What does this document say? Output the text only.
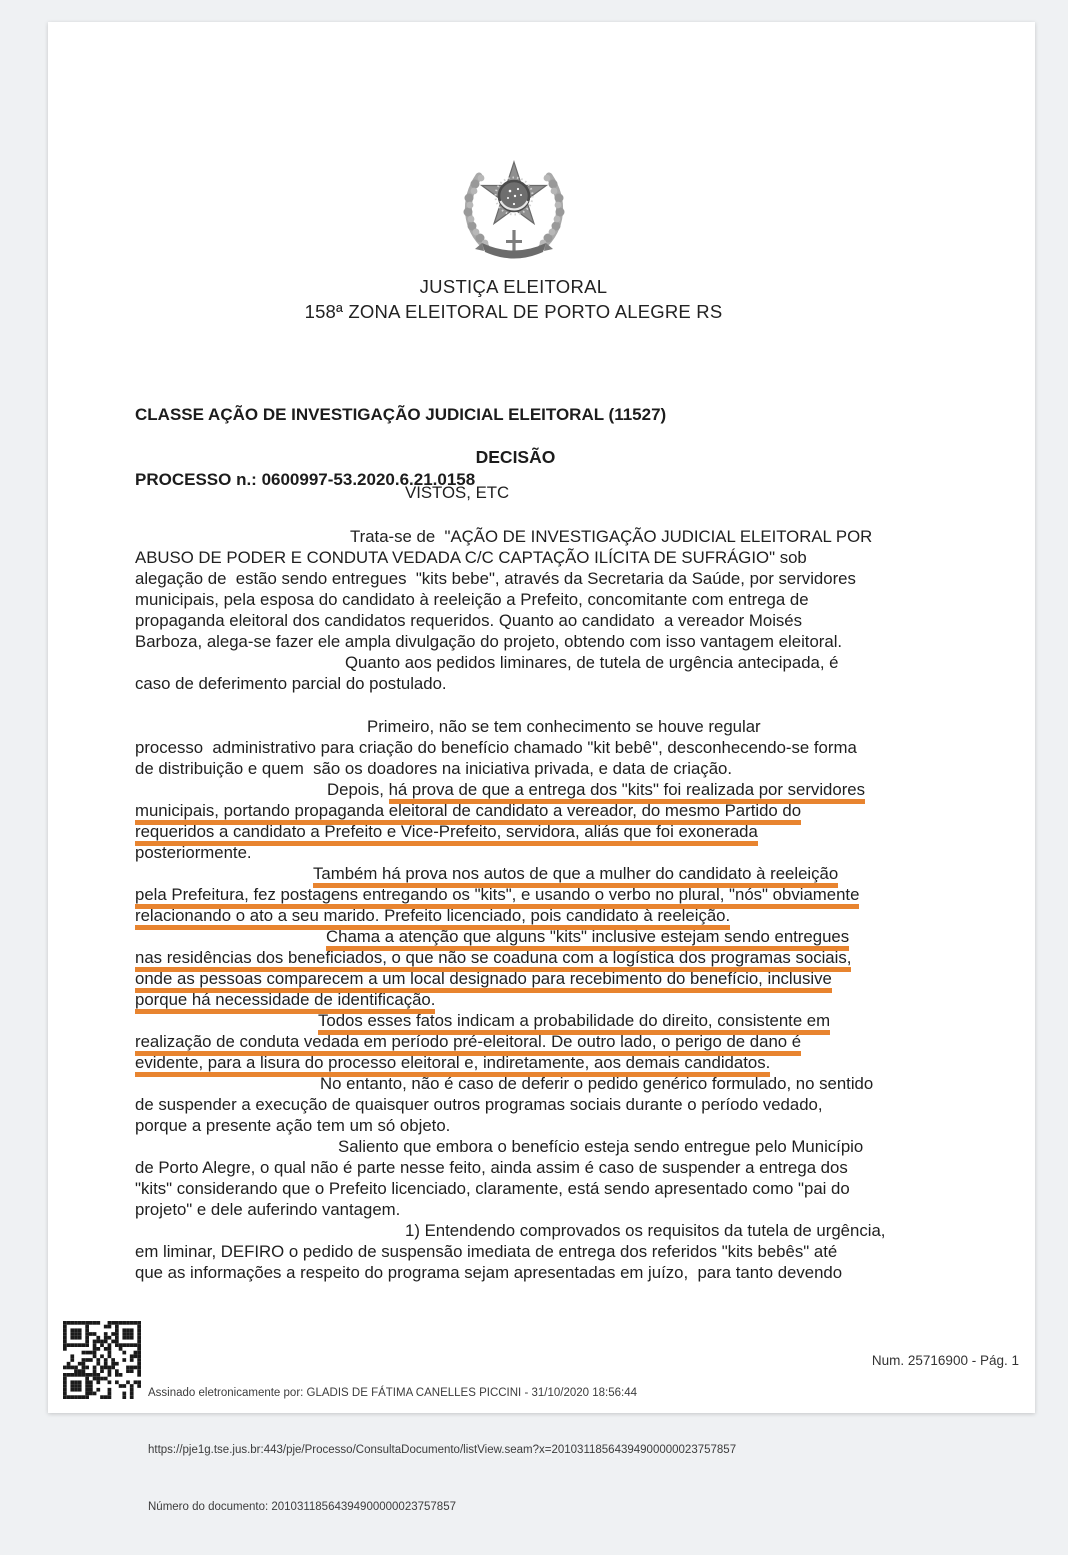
JUSTIÇA ELEITORAL
158ª ZONA ELEITORAL DE PORTO ALEGRE RS

CLASSE AÇÃO DE INVESTIGAÇÃO JUDICIAL ELEITORAL (11527)

PROCESSO n.: 0600997-53.2020.6.21.0158

DECISÃO
VISTOS, ETC
Trata-se de  "AÇÃO DE INVESTIGAÇÃO JUDICIAL ELEITORAL POR
ABUSO DE PODER E CONDUTA VEDADA C/C CAPTAÇÃO ILÍCITA DE SUFRÁGIO" sob
alegação de  estão sendo entregues  "kits bebe", através da Secretaria da Saúde, por servidores
municipais, pela esposa do candidato à reeleição a Prefeito, concomitante com entrega de
propaganda eleitoral dos candidatos requeridos. Quanto ao candidato  a vereador Moisés
Barboza, alega-se fazer ele ampla divulgação do projeto, obtendo com isso vantagem eleitoral.
Quanto aos pedidos liminares, de tutela de urgência antecipada, é
caso de deferimento parcial do postulado.
Primeiro, não se tem conhecimento se houve regular
processo  administrativo para criação do benefício chamado "kit bebê", desconhecendo-se forma
de distribuição e quem  são os doadores na iniciativa privada, e data de criação.
Depois, há prova de que a entrega dos "kits" foi realizada por servidores
municipais, portando propaganda eleitoral de candidato a vereador, do mesmo Partido do
requeridos a candidato a Prefeito e Vice-Prefeito, servidora, aliás que foi exonerada
posteriormente.
Também há prova nos autos de que a mulher do candidato à reeleição
pela Prefeitura, fez postagens entregando os "kits", e usando o verbo no plural, "nós" obviamente
relacionando o ato a seu marido. Prefeito licenciado, pois candidato à reeleição.
Chama a atenção que alguns "kits" inclusive estejam sendo entregues
nas residências dos beneficiados, o que não se coaduna com a logística dos programas sociais,
onde as pessoas comparecem a um local designado para recebimento do benefício, inclusive
porque há necessidade de identificação.
Todos esses fatos indicam a probabilidade do direito, consistente em
realização de conduta vedada em período pré-eleitoral. De outro lado, o perigo de dano é
evidente, para a lisura do processo eleitoral e, indiretamente, aos demais candidatos.
No entanto, não é caso de deferir o pedido genérico formulado, no sentido
de suspender a execução de quaisquer outros programas sociais durante o período vedado,
porque a presente ação tem um só objeto.
Saliento que embora o benefício esteja sendo entregue pelo Município
de Porto Alegre, o qual não é parte nesse feito, ainda assim é caso de suspender a entrega dos
"kits" considerando que o Prefeito licenciado, claramente, está sendo apresentado como "pai do
projeto" e dele auferindo vantagem.
1) Entendendo comprovados os requisitos da tutela de urgência,
em liminar, DEFIRO o pedido de suspensão imediata de entrega dos referidos "kits bebês" até
que as informações a respeito do programa sejam apresentadas em juízo,  para tanto devendo

Assinado eletronicamente por: GLADIS DE FÁTIMA CANELLES PICCINI - 31/10/2020 18:56:44

https://pje1g.tse.jus.br:443/pje/Processo/ConsultaDocumento/listView.seam?x=20103118564394900000023757857

Número do documento: 20103118564394900000023757857

Num. 25716900 - Pág. 1
